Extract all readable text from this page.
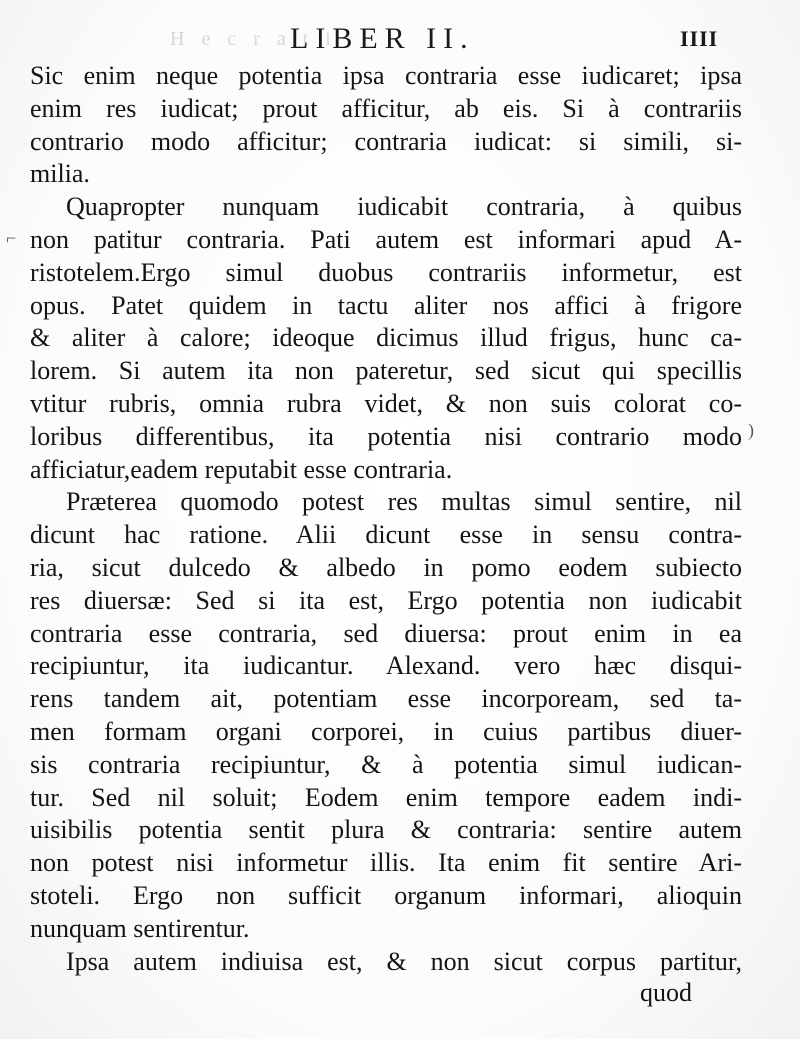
H e c r a t i
LIBER II.	IIII
Sic enim neque potentia ipsa contraria esse iudicaret; ipsa
enim res iudicat; prout afficitur, ab eis. Si à contrariis
contrario modo afficitur; contraria iudicat: si simili, si-
milia.
Quapropter nunquam iudicabit contraria, à quibus
non patitur contraria. Pati autem est informari apud A-
ristotelem.Ergo simul duobus contrariis informetur, est
opus. Patet quidem in tactu aliter nos affici à frigore
& aliter à calore; ideoque dicimus illud frigus, hunc ca-
lorem. Si autem ita non pateretur, sed sicut qui specillis
vtitur rubris, omnia rubra videt, & non suis colorat co-
loribus differentibus, ita potentia nisi contrario modo
afficiatur,eadem reputabit esse contraria.
Præterea quomodo potest res multas simul sentire, nil
dicunt hac ratione. Alii dicunt esse in sensu contra-
ria, sicut dulcedo & albedo in pomo eodem subiecto
res diuersæ: Sed si ita est, Ergo potentia non iudicabit
contraria esse contraria, sed diuersa: prout enim in ea
recipiuntur, ita iudicantur. Alexand. vero hæc disqui-
rens tandem ait, potentiam esse incorpoream, sed ta-
men formam organi corporei, in cuius partibus diuer-
sis contraria recipiuntur, & à potentia simul iudican-
tur. Sed nil soluit; Eodem enim tempore eadem indi-
uisibilis potentia sentit plura & contraria: sentire autem
non potest nisi informetur illis. Ita enim fit sentire Ari-
stoteli. Ergo non sufficit organum informari, alioquin
nunquam sentirentur.
Ipsa autem indiuisa est, & non sicut corpus partitur,
quod
⌐
)
